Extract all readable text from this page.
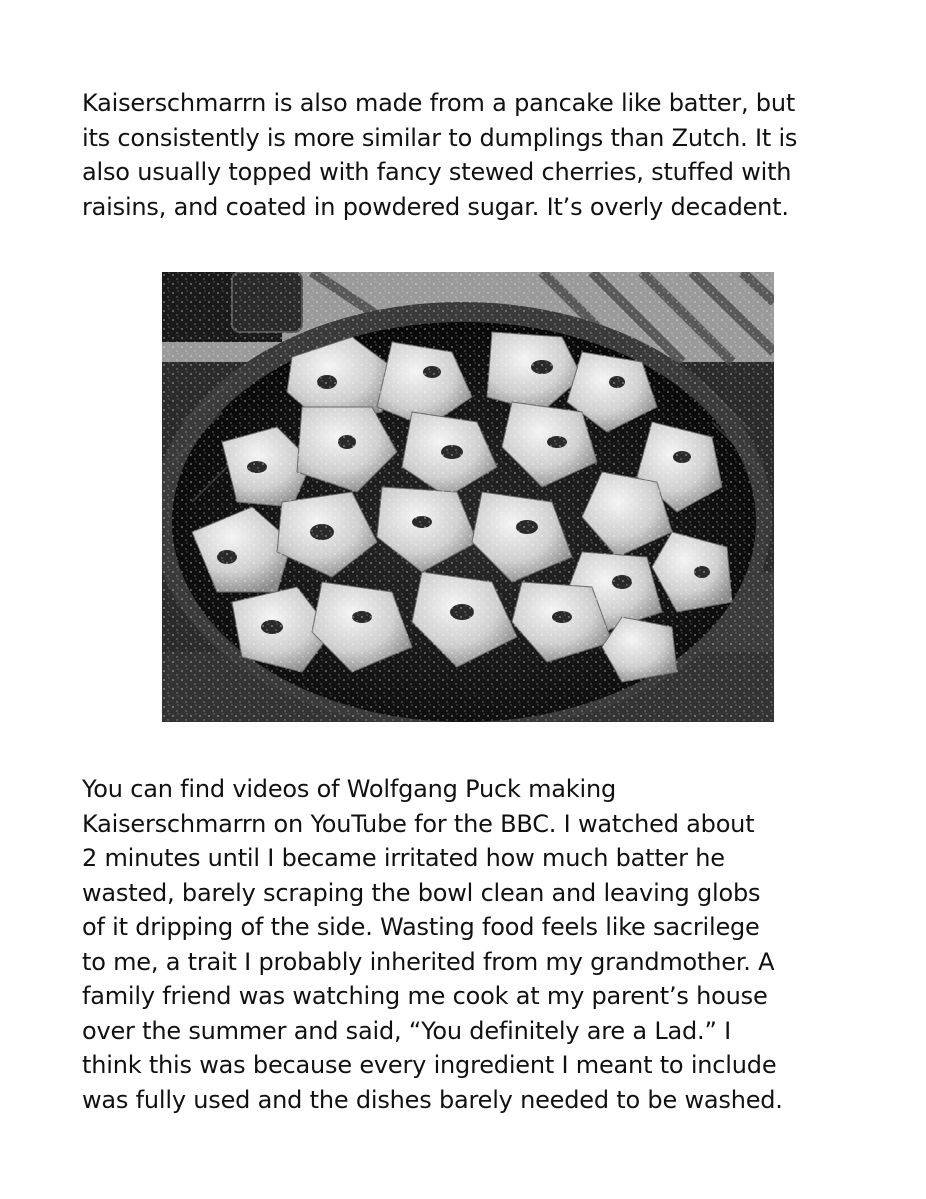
Kaiserschmarrn is also made from a pancake like batter, but
its consistently is more similar to dumplings than Zutch. It is
also usually topped with fancy stewed cherries, stuffed with
raisins, and coated in powdered sugar. It’s overly decadent.

You can find videos of Wolfgang Puck making
Kaiserschmarrn on YouTube for the BBC. I watched about
2 minutes until I became irritated how much batter he
wasted, barely scraping the bowl clean and leaving globs
of it dripping of the side. Wasting food feels like sacrilege
to me, a trait I probably inherited from my grandmother. A
family friend was watching me cook at my parent’s house
over the summer and said, “You definitely are a Lad.” I
think this was because every ingredient I meant to include
was fully used and the dishes barely needed to be washed.
